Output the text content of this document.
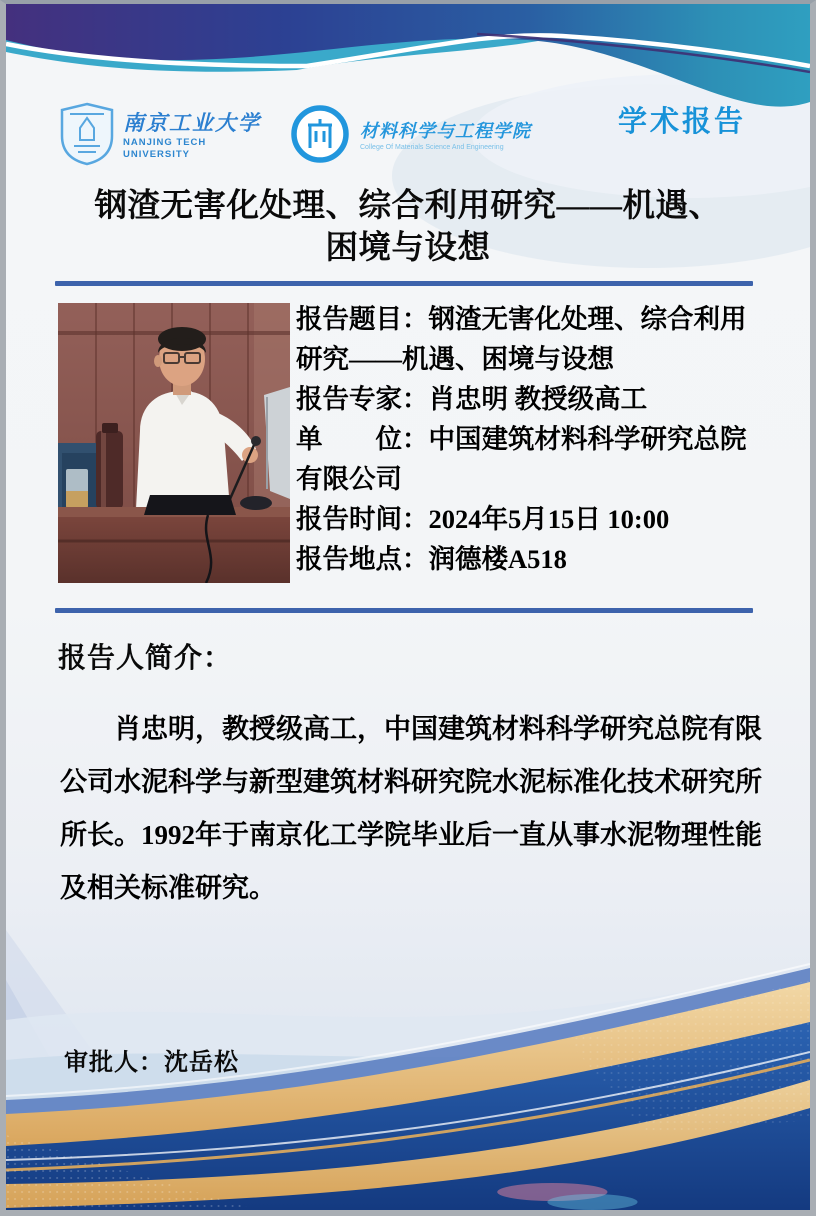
南京工业大学
NANJING TECH UNIVERSITY
材料科学与工程学院
College Of Materials Science And Engineering
学术报告
钢渣无害化处理、综合利用研究——机遇、
困境与设想
报告题目：钢渣无害化处理、综合利用研究——机遇、困境与设想
报告专家：肖忠明 教授级高工
单　　位：中国建筑材料科学研究总院有限公司
报告时间：2024年5月15日 10:00
报告地点：润德楼A518
报告人简介：

肖忠明，教授级高工，中国建筑材料科学研究总院有限公司水泥科学与新型建筑材料研究院水泥标准化技术研究所 所长。1992年于南京化工学院毕业后一直从事水泥物理性能及相关标准研究。

审批人：沈岳松
